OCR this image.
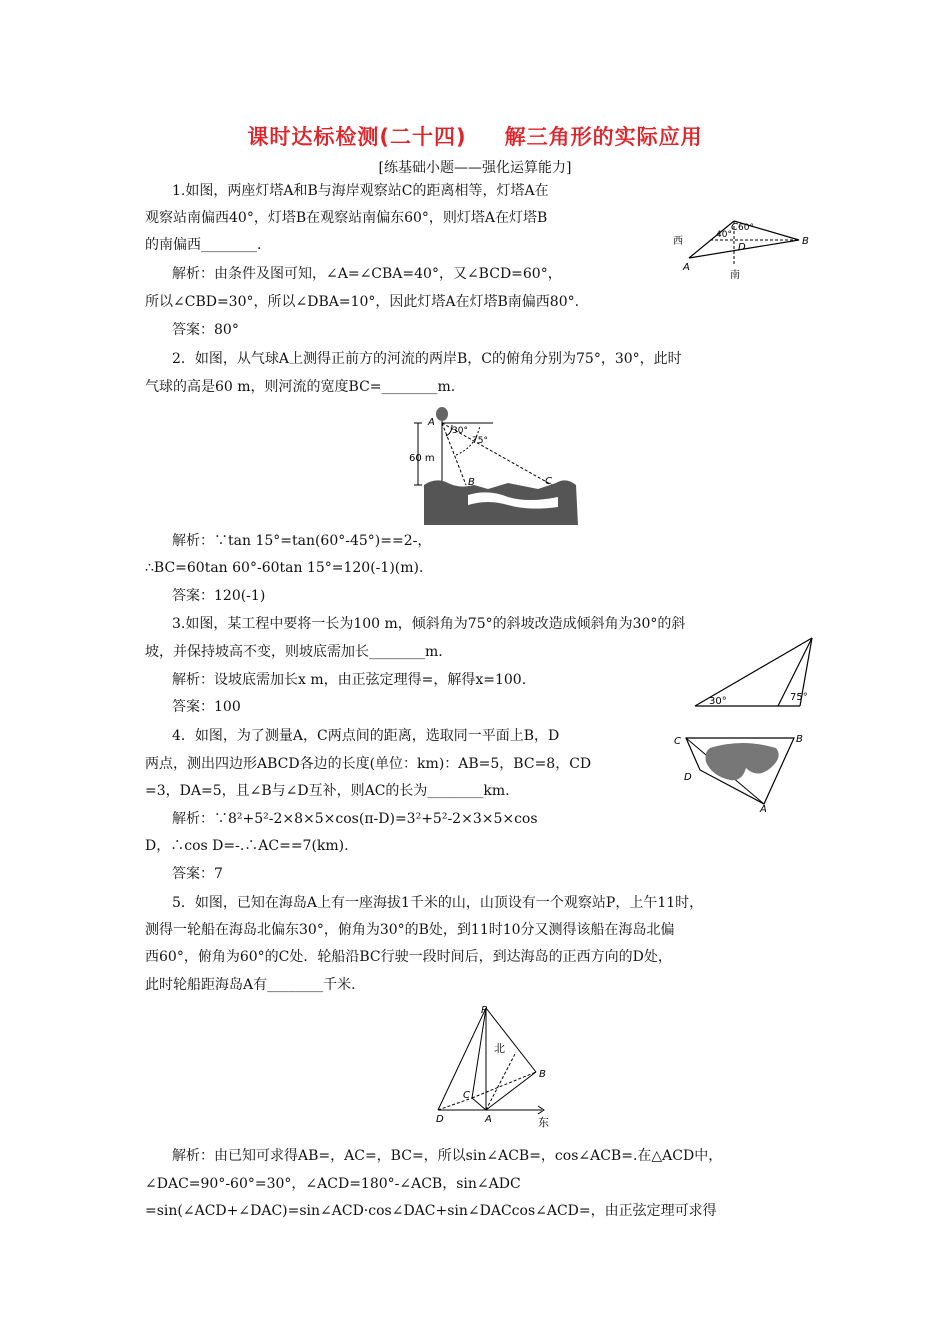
课时达标检测(二十四) 解三角形的实际应用
[练基础小题——强化运算能力]
1.如图，两座灯塔A和B与海岸观察站C的距离相等，灯塔A在
观察站南偏西40°，灯塔B在观察站南偏东60°，则灯塔A在灯塔B
的南偏西________.
解析：由条件及图可知，∠A=∠CBA=40°，又∠BCD=60°，
所以∠CBD=30°，所以∠DBA=10°，因此灯塔A在灯塔B南偏西80°.
答案：80°
C
D
A
B
西
南
40°
60°
2．如图，从气球A上测得正前方的河流的两岸B，C的俯角分别为75°，30°，此时
气球的高是60 m，则河流的宽度BC=________m.
A
B	C
60 m
30°
75°
解析：∵tan 15°=tan(60°-45°)==2-，
∴BC=60tan 60°-60tan 15°=120(-1)(m).
答案：120(-1)
3.如图，某工程中要将一长为100 m，倾斜角为75°的斜坡改造成倾斜角为30°的斜
坡，并保持坡高不变，则坡底需加长________m.
解析：设坡底需加长x m，由正弦定理得=，解得x=100.
答案：100	30°	75°
4．如图，为了测量A，C两点间的距离，选取同一平面上B，D
两点，测出四边形ABCD各边的长度(单位：km)：AB=5，BC=8，CD
=3，DA=5，且∠B与∠D互补，则AC的长为________km.
解析：∵8²+5²-2×8×5×cos(π-D)=3²+5²-2×3×5×cos
D，∴cos D=-.∴AC==7(km).
答案：7
C	B
D
A
5．如图，已知在海岛A上有一座海拔1千米的山，山顶设有一个观察站P，上午11时，
测得一轮船在海岛北偏东30°，俯角为30°的B处，到11时10分又测得该船在海岛北偏
西60°，俯角为60°的C处．轮船沿BC行驶一段时间后，到达海岛的正西方向的D处，
此时轮船距海岛A有________千米.
P
B
C
D	A
北
东
解析：由已知可求得AB=，AC=，BC=，所以sin∠ACB=，cos∠ACB=.在△ACD中，
∠DAC=90°-60°=30°，∠ACD=180°-∠ACB，sin∠ADC
=sin(∠ACD+∠DAC)=sin∠ACD·cos∠DAC+sin∠DACcos∠ACD=，由正弦定理可求得
